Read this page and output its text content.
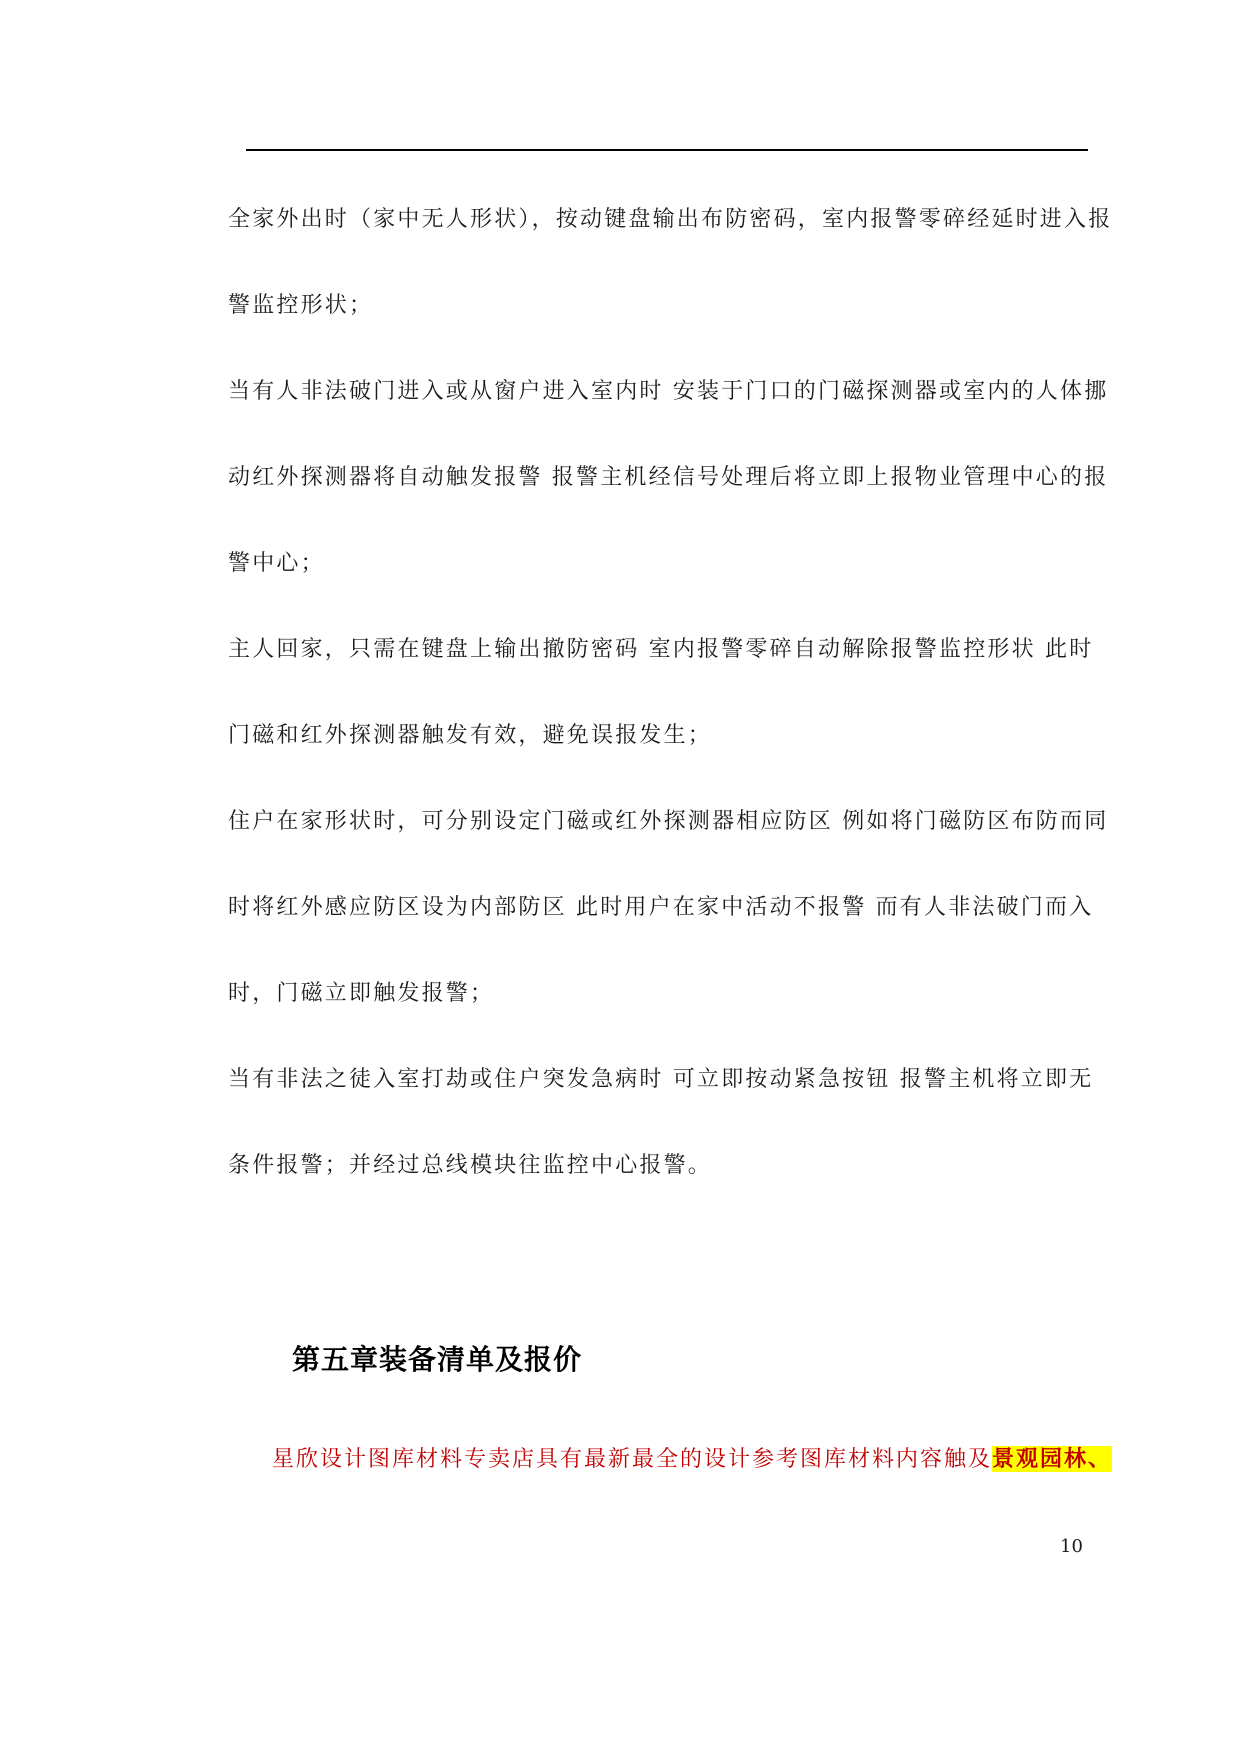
全家外出时（家中无人形状），按动键盘输出布防密码，室内报警零碎经延时进入报
警监控形状；
当有人非法破门进入或从窗户进入室内时 安装于门口的门磁探测器或室内的人体挪
动红外探测器将自动触发报警 报警主机经信号处理后将立即上报物业管理中心的报
警中心；
主人回家，只需在键盘上输出撤防密码 室内报警零碎自动解除报警监控形状 此时
门磁和红外探测器触发有效，避免误报发生；
住户在家形状时，可分别设定门磁或红外探测器相应防区 例如将门磁防区布防而同
时将红外感应防区设为内部防区 此时用户在家中活动不报警 而有人非法破门而入
时，门磁立即触发报警；
当有非法之徒入室打劫或住户突发急病时 可立即按动紧急按钮 报警主机将立即无
条件报警；并经过总线模块往监控中心报警。
第五章装备清单及报价
星欣设计图库材料专卖店具有最新最全的设计参考图库材料内容触及景观园林、
10
